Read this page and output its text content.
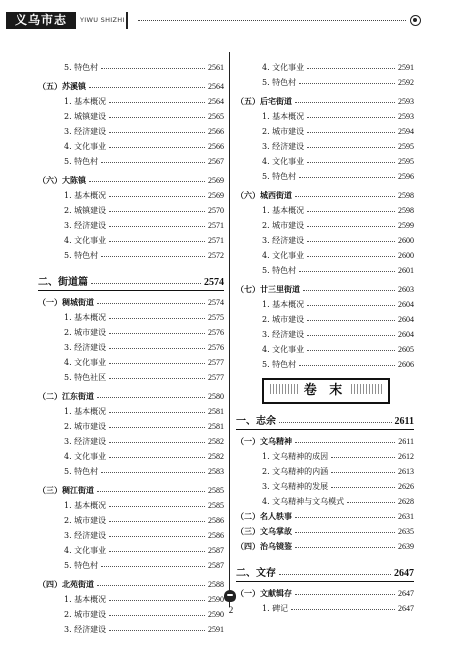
义乌市志	YIWU SHIZHI
5. 特色村	2561
（五）苏溪镇	2564
1. 基本概况	2564
2. 城镇建设	2565
3. 经济建设	2566
4. 文化事业	2566
5. 特色村	2567
（六）大陈镇	2569
1. 基本概况	2569
2. 城镇建设	2570
3. 经济建设	2571
4. 文化事业	2571
5. 特色村	2572
二、街道篇	2574
（一）稠城街道	2574
1. 基本概况	2575
2. 城市建设	2576
3. 经济建设	2576
4. 文化事业	2577
5. 特色社区	2577
（二）江东街道	2580
1. 基本概况	2581
2. 城市建设	2581
3. 经济建设	2582
4. 文化事业	2582
5. 特色村	2583
（三）稠江街道	2585
1. 基本概况	2585
2. 城市建设	2586
3. 经济建设	2586
4. 文化事业	2587
5. 特色村	2587
（四）北苑街道	2588
1. 基本概况	2590
2. 城市建设	2590
3. 经济建设	2591
4. 文化事业	2591
5. 特色村	2592
（五）后宅街道	2593
1. 基本概况	2593
2. 城市建设	2594
3. 经济建设	2595
4. 文化事业	2595
5. 特色村	2596
（六）城西街道	2598
1. 基本概况	2598
2. 城市建设	2599
3. 经济建设	2600
4. 文化事业	2600
5. 特色村	2601
（七）廿三里街道	2603
1. 基本概况	2604
2. 城市建设	2604
3. 经济建设	2604
4. 文化事业	2605
5. 特色村	2606
卷 末
一、志余	2611
（一）文乌精神	2611
1. 文乌精神的成因	2612
2. 文乌精神的内涵	2613
3. 文乌精神的发展	2626
4. 文乌精神与文乌模式	2628
（二）名人轶事	2631
（三）文乌掌故	2635
（四）治乌镜鉴	2639
二、文存	2647
（一）文献辑存	2647
1. 碑记	2647
2
